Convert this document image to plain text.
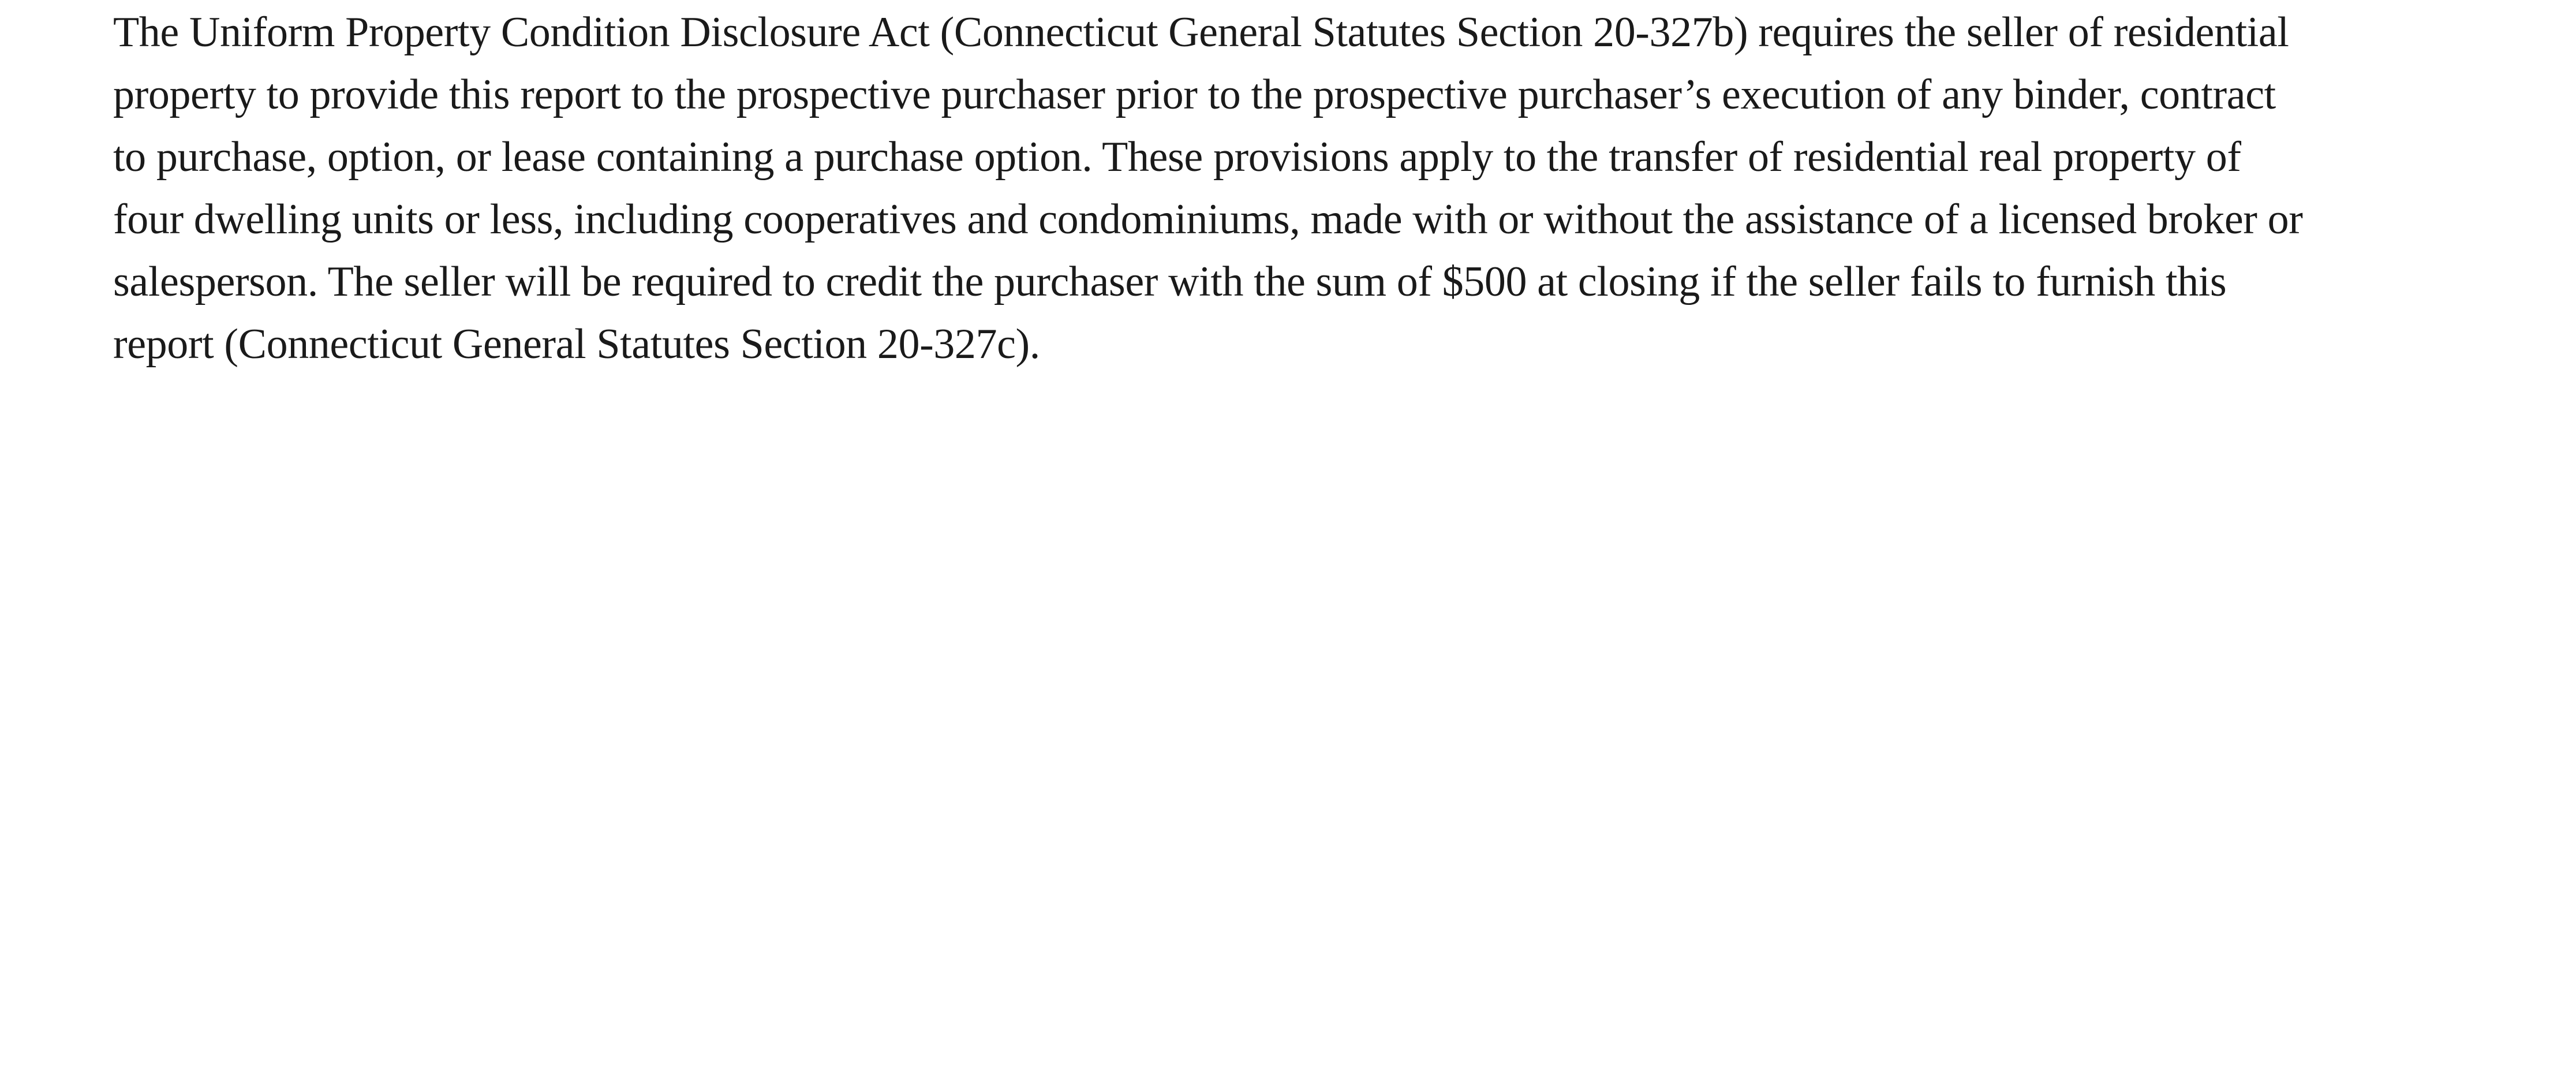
The Uniform Property Condition Disclosure Act (Connecticut General Statutes Section 20-327b) requires the seller of residential
property to provide this report to the prospective purchaser prior to the prospective purchaser’s execution of any binder, contract
to purchase, option, or lease containing a purchase option. These provisions apply to the transfer of residential real property of
four dwelling units or less, including cooperatives and condominiums, made with or without the assistance of a licensed broker or
salesperson. The seller will be required to credit the purchaser with the sum of $500 at closing if the seller fails to furnish this
report (Connecticut General Statutes Section 20-327c).
